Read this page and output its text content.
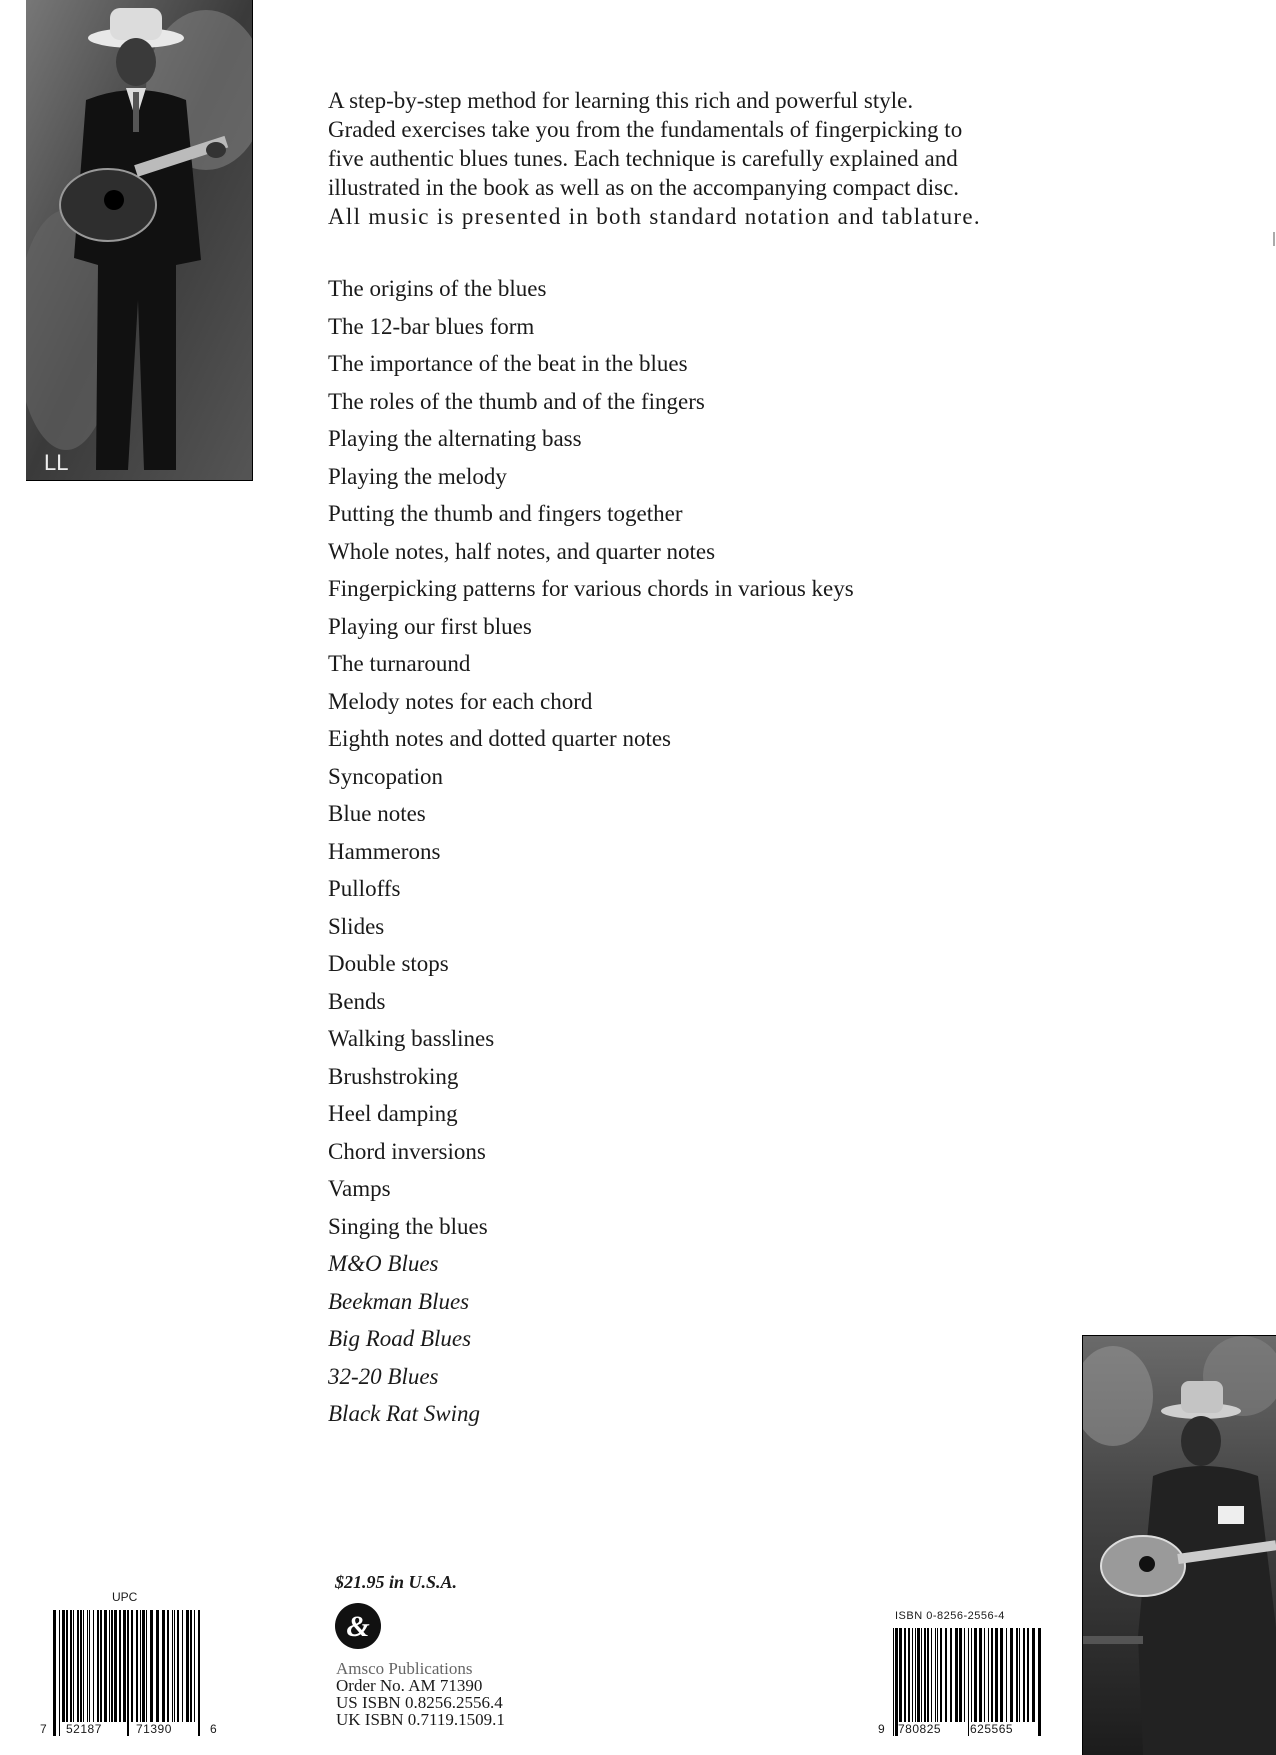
LL

A step-by-step method for learning this rich and powerful style.

Graded exercises take you from the fundamentals of fingerpicking to

five authentic blues tunes. Each technique is carefully explained and

illustrated in the book as well as on the accompanying compact disc.

All music is presented in both standard notation and tablature.

The origins of the blues
The 12-bar blues form
The importance of the beat in the blues
The roles of the thumb and of the fingers
Playing the alternating bass
Playing the melody
Putting the thumb and fingers together
Whole notes, half notes, and quarter notes
Fingerpicking patterns for various chords in various keys
Playing our first blues
The turnaround
Melody notes for each chord
Eighth notes and dotted quarter notes
Syncopation
Blue notes
Hammerons
Pulloffs
Slides
Double stops
Bends
Walking basslines
Brushstroking
Heel damping
Chord inversions
Vamps
Singing the blues
M&O Blues
Beekman Blues
Big Road Blues
32-20 Blues
Black Rat Swing
$21.95 in U.S.A.
&
Amsco Publications
Order No. AM 71390
US ISBN 0.8256.2556.4
UK ISBN 0.7119.1509.1
UPC
7 52187	71390	6
ISBN 0-8256-2556-4
9 780825 625565
